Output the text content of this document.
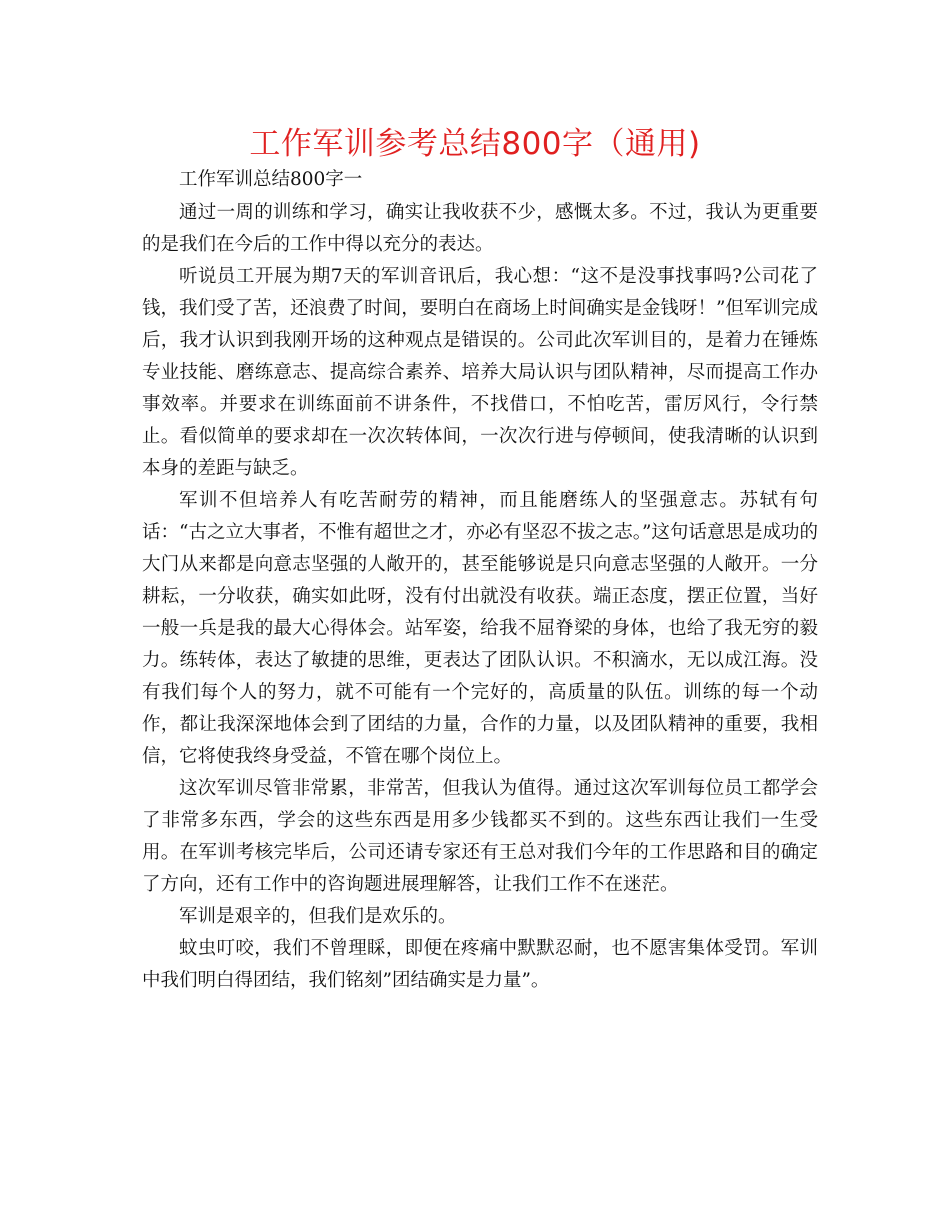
工作军训参考总结800字（通用)

工作军训总结800字一

通过一周的训练和学习，确实让我收获不少，感慨太多。不过，我认为更重要的是我们在今后的工作中得以充分的表达。

听说员工开展为期7天的军训音讯后，我心想：“这不是没事找事吗?公司花了钱，我们受了苦，还浪费了时间，要明白在商场上时间确实是金钱呀！”但军训完成后，我才认识到我刚开场的这种观点是错误的。公司此次军训目的，是着力在锤炼专业技能、磨练意志、提高综合素养、培养大局认识与团队精神，尽而提高工作办事效率。并要求在训练面前不讲条件，不找借口，不怕吃苦，雷厉风行，令行禁止。看似简单的要求却在一次次转体间，一次次行进与停顿间，使我清晰的认识到本身的差距与缺乏。

军训不但培养人有吃苦耐劳的精神，而且能磨练人的坚强意志。苏轼有句话：“古之立大事者，不惟有超世之才，亦必有坚忍不拔之志。”这句话意思是成功的大门从来都是向意志坚强的人敞开的，甚至能够说是只向意志坚强的人敞开。一分耕耘，一分收获，确实如此呀，没有付出就没有收获。端正态度，摆正位置，当好一般一兵是我的最大心得体会。站军姿，给我不屈脊梁的身体，也给了我无穷的毅力。练转体，表达了敏捷的思维，更表达了团队认识。不积滴水，无以成江海。没有我们每个人的努力，就不可能有一个完好的，高质量的队伍。训练的每一个动作，都让我深深地体会到了团结的力量，合作的力量，以及团队精神的重要，我相信，它将使我终身受益，不管在哪个岗位上。

这次军训尽管非常累，非常苦，但我认为值得。通过这次军训每位员工都学会了非常多东西，学会的这些东西是用多少钱都买不到的。这些东西让我们一生受用。在军训考核完毕后，公司还请专家还有王总对我们今年的工作思路和目的确定了方向，还有工作中的咨询题进展理解答，让我们工作不在迷茫。

军训是艰辛的，但我们是欢乐的。

蚊虫叮咬，我们不曾理睬，即便在疼痛中默默忍耐，也不愿害集体受罚。军训中我们明白得团结，我们铭刻”团结确实是力量”。
